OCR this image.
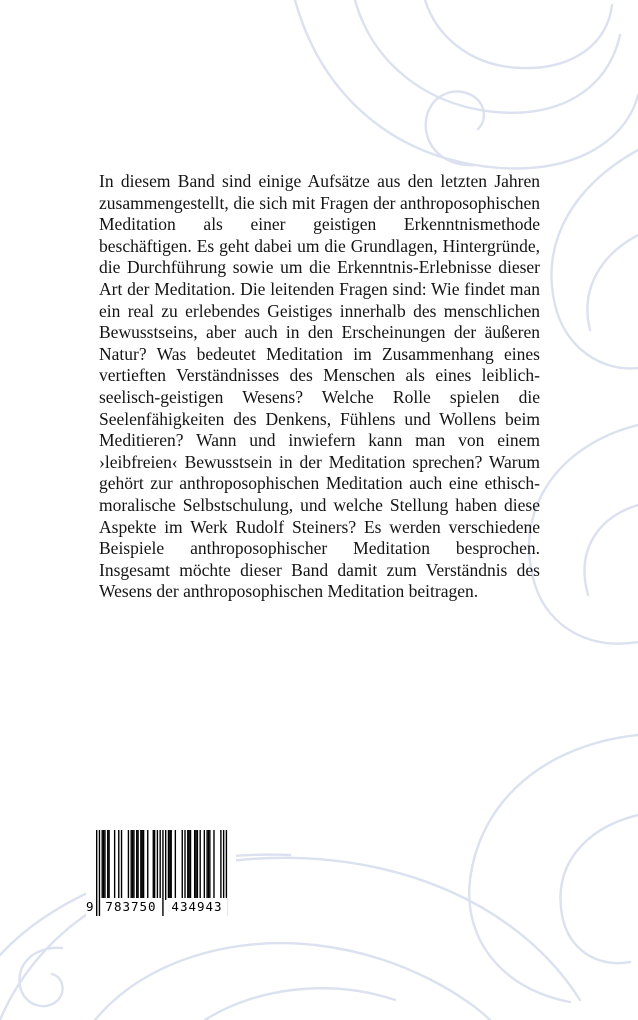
In diesem Band sind einige Aufsätze aus den letzten Jahren zusammengestellt, die sich mit Fragen der anthroposophischen Meditation als einer geistigen Erkenntnismethode beschäftigen. Es geht dabei um die Grundlagen, Hintergründe, die Durchführung sowie um die Erkenntnis-Erlebnisse dieser Art der Meditation. Die leitenden Fragen sind: Wie findet man ein real zu erlebendes Geistiges innerhalb des menschlichen Bewusstseins, aber auch in den Erscheinungen der äußeren Natur? Was bedeutet Meditation im Zusammenhang eines vertieften Verständnisses des Menschen als eines leiblich-seelisch-geistigen Wesens? Welche Rolle spielen die Seelenfähigkeiten des Denkens, Fühlens und Wollens beim Meditieren? Wann und inwiefern kann man von einem ›leibfreien‹ Bewusstsein in der Meditation sprechen? Warum gehört zur anthroposophischen Meditation auch eine ethisch-moralische Selbstschulung, und welche Stellung haben diese Aspekte im Werk Rudolf Steiners? Es werden verschiedene Beispiele anthroposophischer Meditation besprochen. Insgesamt möchte dieser Band damit zum Verständnis des Wesens der anthroposophischen Meditation beitragen.

9 783750	434943
